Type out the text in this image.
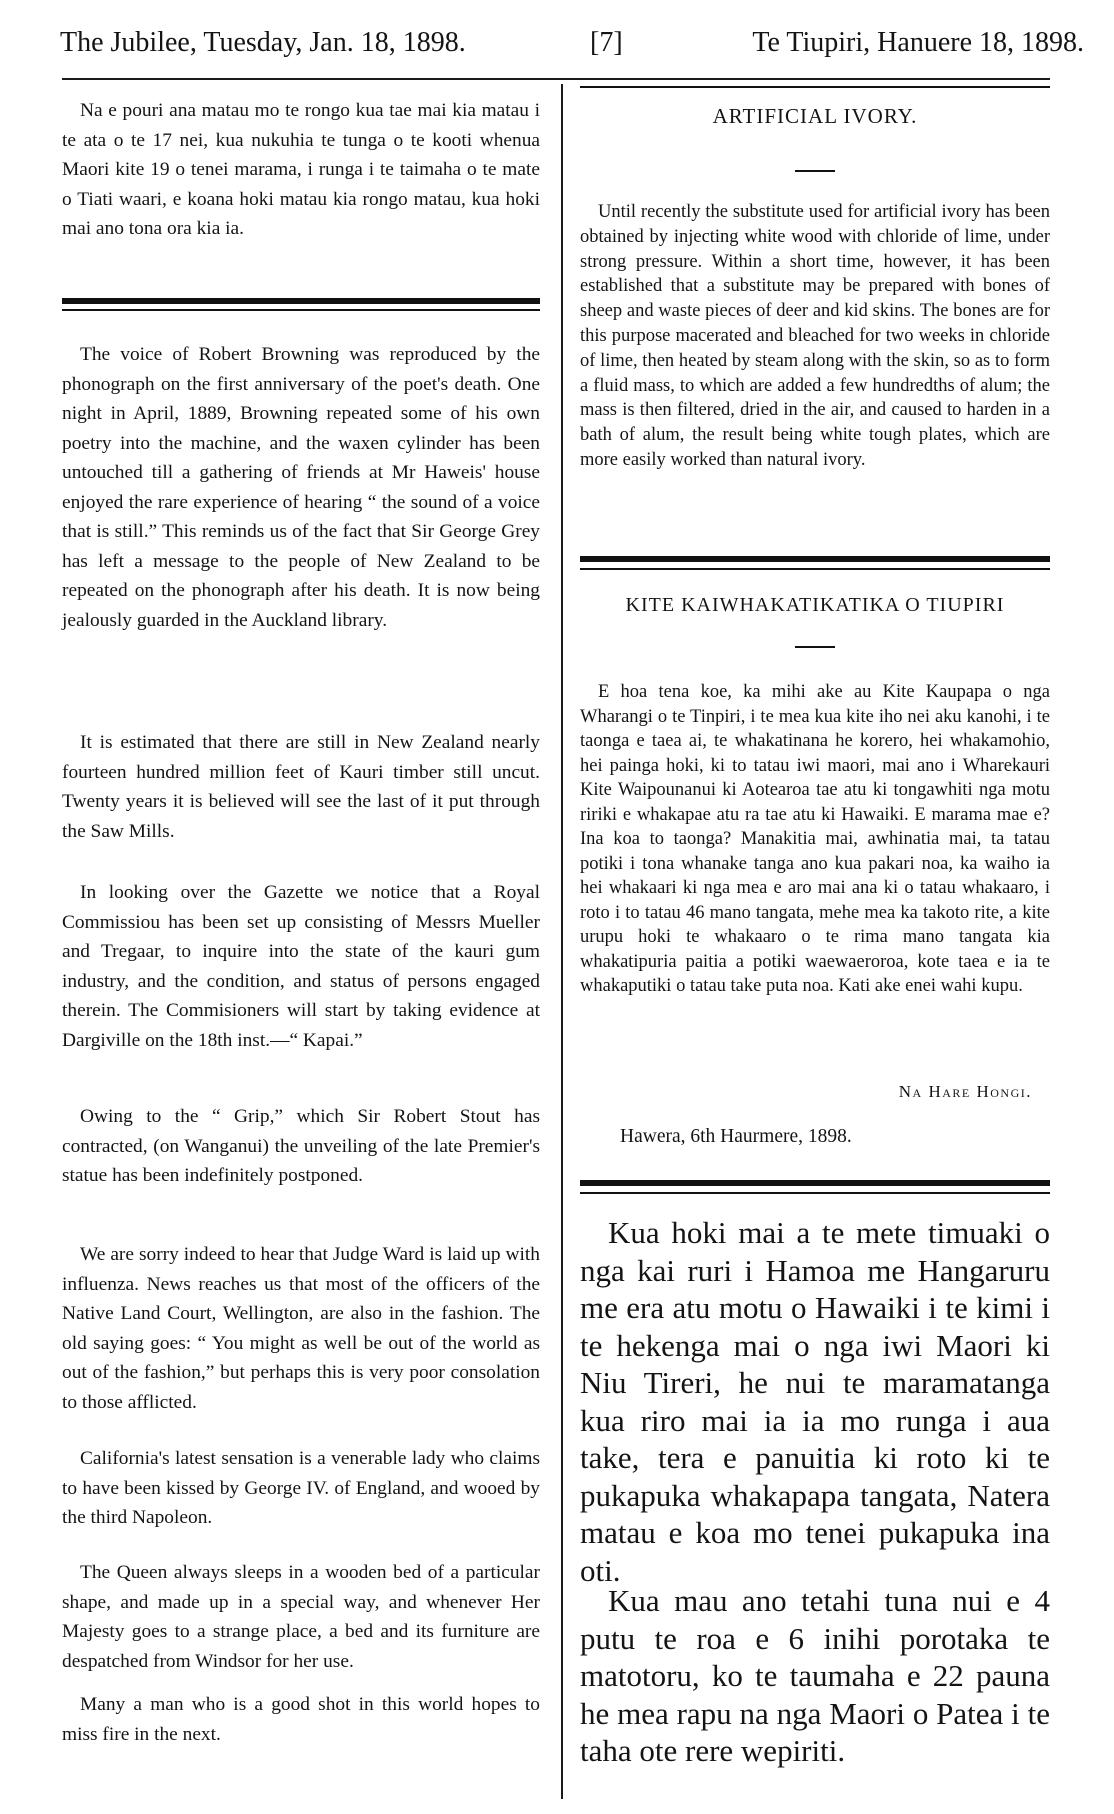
The Jubilee, Tuesday, Jan. 18, 1898.	[7]	Te Tiupiri, Hanuere 18, 1898.

Na e pouri ana matau mo te rongo kua tae mai kia matau i te ata o te 17 nei, kua nukuhia te tunga o te kooti whenua Maori kite 19 o tenei marama, i runga i te taimaha o te mate o Tiati waari, e koana hoki matau kia rongo matau, kua hoki mai ano tona ora kia ia.

The voice of Robert Browning was reproduced by the phonograph on the first anniversary of the poet's death. One night in April, 1889, Browning repeated some of his own poetry into the machine, and the waxen cylinder has been untouched till a gathering of friends at Mr Haweis' house enjoyed the rare experience of hearing “ the sound of a voice that is still.” This reminds us of the fact that Sir George Grey has left a message to the people of New Zealand to be repeated on the phonograph after his death. It is now being jealously guarded in the Auckland library.

It is estimated that there are still in New Zealand nearly fourteen hundred million feet of Kauri timber still uncut. Twenty years it is believed will see the last of it put through the Saw Mills.

In looking over the Gazette we notice that a Royal Commissiou has been set up consisting of Messrs Mueller and Tregaar, to inquire into the state of the kauri gum industry, and the condition, and status of persons engaged therein. The Commisioners will start by taking evidence at Dargiville on the 18th inst.—“ Kapai.”

Owing to the “ Grip,” which Sir Robert Stout has contracted, (on Wanganui) the unveiling of the late Premier's statue has been indefinitely postponed.

We are sorry indeed to hear that Judge Ward is laid up with influenza. News reaches us that most of the officers of the Native Land Court, Wellington, are also in the fashion. The old saying goes: “ You might as well be out of the world as out of the fashion,” but perhaps this is very poor consolation to those afflicted.

California's latest sensation is a venerable lady who claims to have been kissed by George IV. of England, and wooed by the third Napoleon.

The Queen always sleeps in a wooden bed of a particular shape, and made up in a special way, and whenever Her Majesty goes to a strange place, a bed and its furniture are despatched from Windsor for her use.

Many a man who is a good shot in this world hopes to miss fire in the next.

ARTIFICIAL IVORY.

Until recently the substitute used for artificial ivory has been obtained by injecting white wood with chloride of lime, under strong pressure. Within a short time, however, it has been established that a substitute may be prepared with bones of sheep and waste pieces of deer and kid skins. The bones are for this purpose macerated and bleached for two weeks in chloride of lime, then heated by steam along with the skin, so as to form a fluid mass, to which are added a few hundredths of alum; the mass is then filtered, dried in the air, and caused to harden in a bath of alum, the result being white tough plates, which are more easily worked than natural ivory.

KITE KAIWHAKATIKATIKA O TIUPIRI

E hoa tena koe, ka mihi ake au Kite Kaupapa o nga Wharangi o te Tinpiri, i te mea kua kite iho nei aku kanohi, i te taonga e taea ai, te whakatinana he korero, hei whakamohio, hei painga hoki, ki to tatau iwi maori, mai ano i Wharekauri Kite Waipounanui ki Aotearoa tae atu ki tongawhiti nga motu ririki e whakapae atu ra tae atu ki Hawaiki. E marama mae e? Ina koa to taonga? Manakitia mai, awhinatia mai, ta tatau potiki i tona whanake tanga ano kua pakari noa, ka waiho ia hei whakaari ki nga mea e aro mai ana ki o tatau whakaaro, i roto i to tatau 46 mano tangata, mehe mea ka takoto rite, a kite urupu hoki te whakaaro o te rima mano tangata kia whakatipuria paitia a potiki waewaeroroa, kote taea e ia te whakaputiki o tatau take puta noa. Kati ake enei wahi kupu.

Na Hare Hongi.
Hawera, 6th Haurmere, 1898.

Kua hoki mai a te mete timuaki o nga kai ruri i Hamoa me Hangaruru me era atu motu o Hawaiki i te kimi i te hekenga mai o nga iwi Maori ki Niu Tireri, he nui te maramatanga kua riro mai ia ia mo runga i aua take, tera e panuitia ki roto ki te pukapuka whakapapa tangata, Natera matau e koa mo tenei pukapuka ina oti.

Kua mau ano tetahi tuna nui e 4 putu te roa e 6 inihi porotaka te matotoru, ko te taumaha e 22 pauna he mea rapu na nga Maori o Patea i te taha ote rere wepiriti.
